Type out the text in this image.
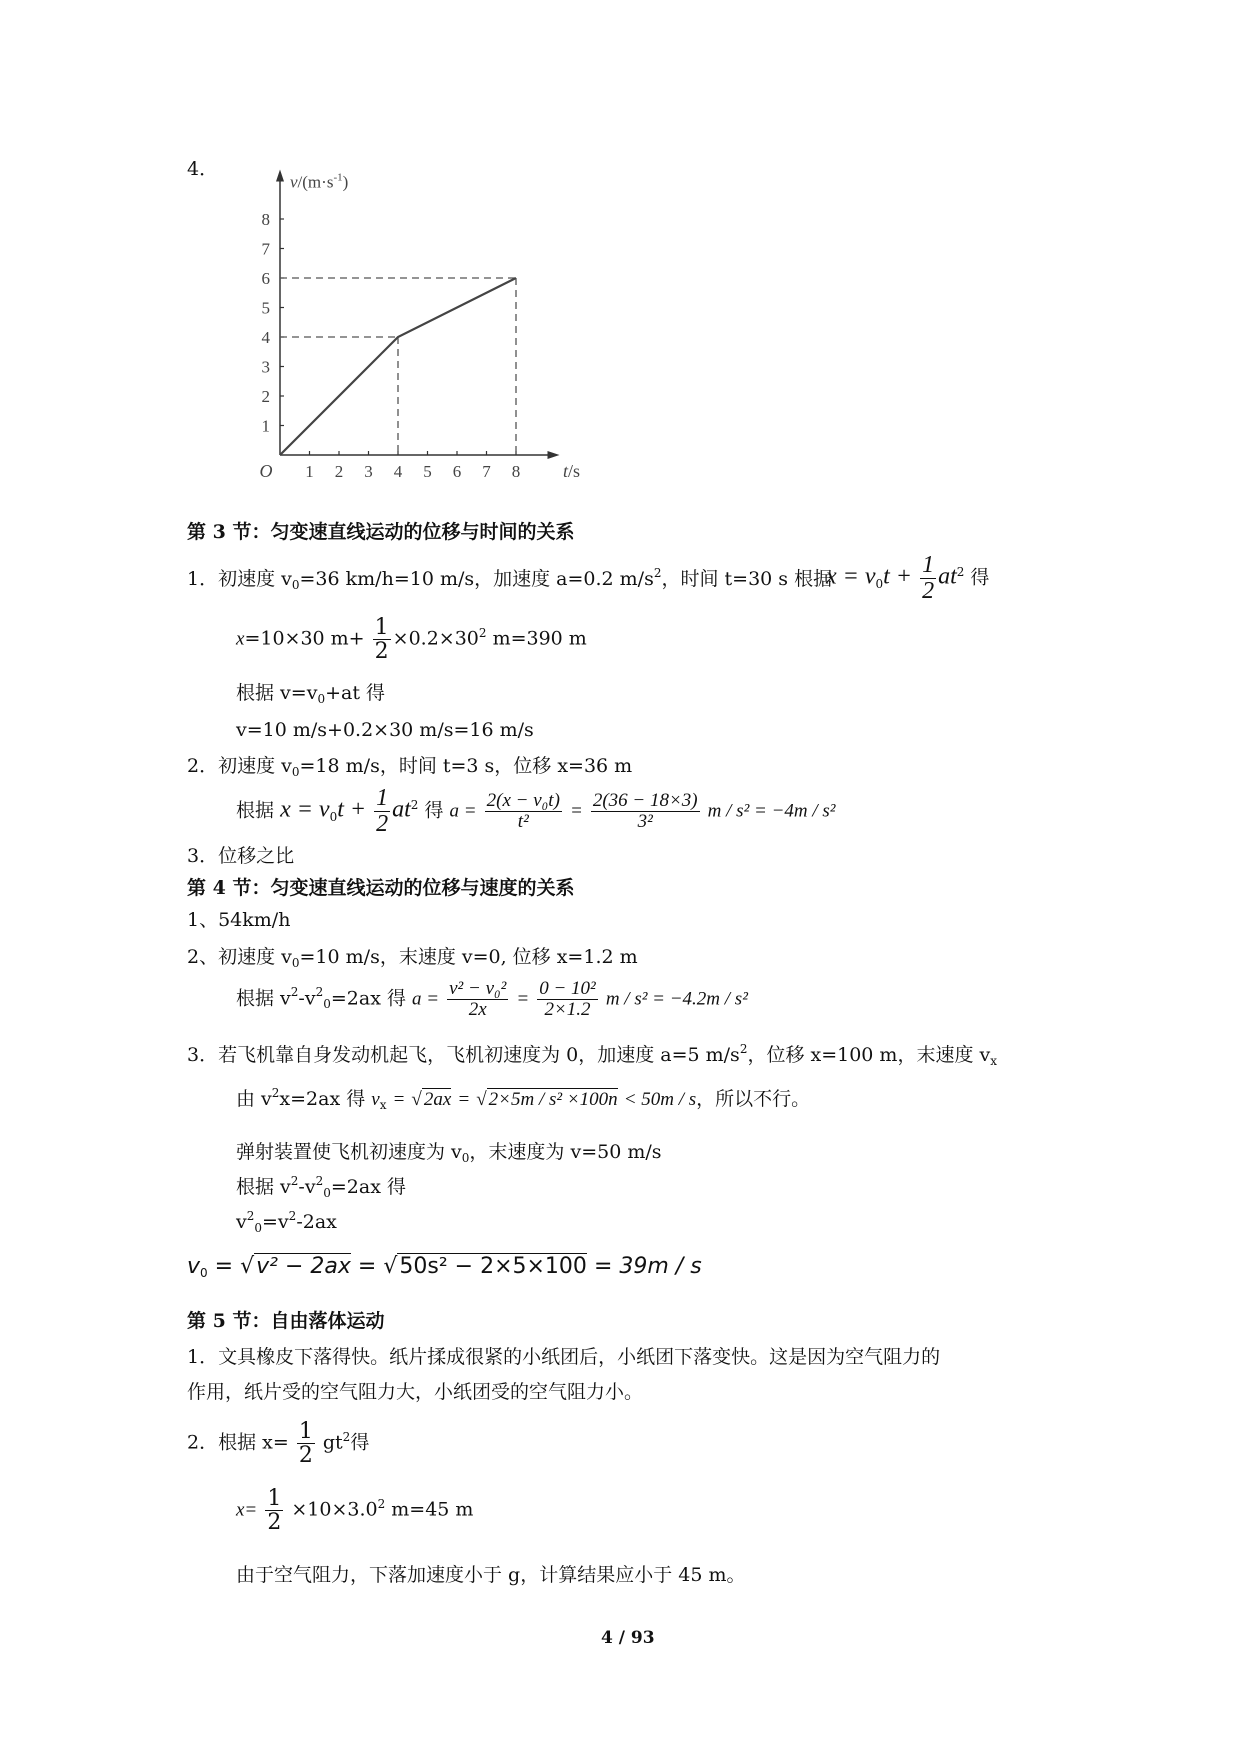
4．
1 2 3 4 5 6 7 8
1
2
3
4
5
6
7
8
O	t/s
$v/(m\cdot s^{-1})$
第 3 节：匀变速直线运动的位移与时间的关系
1．初速度 $v_0=36$ km/h=10 m/s，加速度 a=0.2 $m/s^2$，时间 t=30 s 根据
$x = v_0t + \frac{1}{2} at^2$ 得
x=10×30 $m+ \frac{1}{2} \times 0.2\times 30^2$ m=390 m
根据 $v=v_0+at$ 得
v=10 m/s+0.2×30 m/s=16 m/s
2．初速度 $v_0=18$ m/s，时间 t=3 s，位移 x=36 m
根据 $x = v_0t + \frac{1}{2} at^2$ 得 $a = \frac{\text{2(x − v₀t)}}{\text{t²}} = \frac{2(36 - 18\times 3)}{\text{3²}}$ m / s² = −4m / s²
3．位移之比
第 4 节：匀变速直线运动的位移与速度的关系
1、54km/h
2、初速度 $v_0=10$ m/s，末速度 v=0, 位移 x=1.2 m
根据 $v^2-v^2_0=2ax$ 得 $a = \frac{\text{v² − v₀²}}{2x} = \frac{\text{0 − 10²}}{2\times 1.2}$ m / s² = −4.2m / s²
3．若飞机靠自身发动机起飞，飞机初速度为 0，加速度 a=5 $m/s^2$，位移 x=100 m，末速度 $v_x$
由 $v^2x=2ax$ 得 $v_x$ = √ 2ax = √ 2×5m / s² ×100n < 50m / s，所以不行。
弹射装置使飞机初速度为 $v_0$，末速度为 v=50 m/s
根据 $v^2-v^2_0=2ax$ 得
$v^2_0=v^2-2ax$
v0 = √v² − 2ax = √50s² − 2×5×100 = 39m / s
第 5 节：自由落体运动
1．文具橡皮下落得快。纸片揉成很紧的小纸团后，小纸团下落变快。这是因为空气阻力的
作用，纸片受的空气阻力大，小纸团受的空气阻力小。
2．根据 $x= \frac{1}{2} gt^2$得
$x= \frac{1}{2} \times 10\times 3.0^2$ m=45 m
由于空气阻力，下落加速度小于 g，计算结果应小于 45 m。
4 / 93
